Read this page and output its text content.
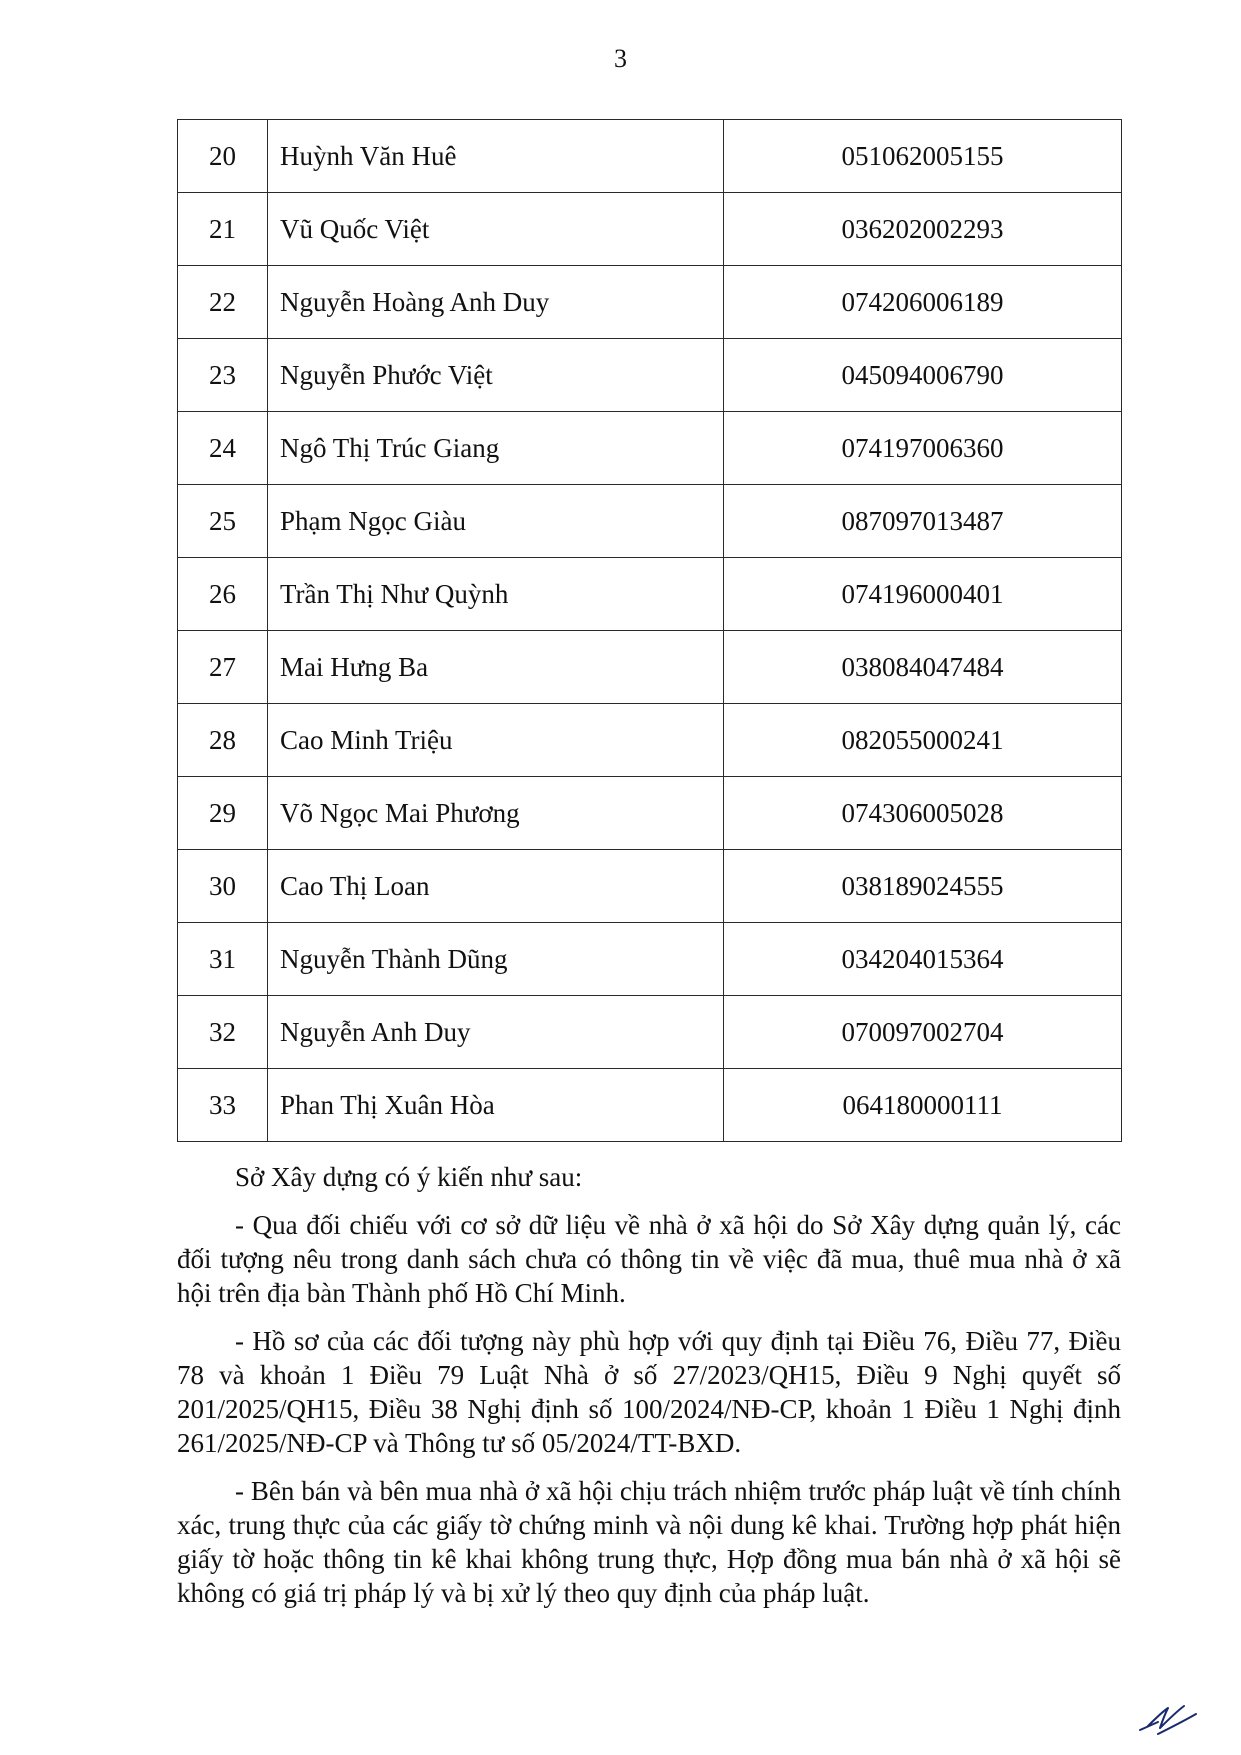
3
20	Huỳnh Văn Huê	051062005155
21	Vũ Quốc Việt	036202002293
22	Nguyễn Hoàng Anh Duy	074206006189
23	Nguyễn Phước Việt	045094006790
24	Ngô Thị Trúc Giang	074197006360
25	Phạm Ngọc Giàu	087097013487
26	Trần Thị Như Quỳnh	074196000401
27	Mai Hưng Ba	038084047484
28	Cao Minh Triệu	082055000241
29	Võ Ngọc Mai Phương	074306005028
30	Cao Thị Loan	038189024555
31	Nguyễn Thành Dũng	034204015364
32	Nguyễn Anh Duy	070097002704
33	Phan Thị Xuân Hòa	064180000111

Sở Xây dựng có ý kiến như sau:

- Qua đối chiếu với cơ sở dữ liệu về nhà ở xã hội do Sở Xây dựng quản lý, các đối tượng nêu trong danh sách chưa có thông tin về việc đã mua, thuê mua nhà ở xã hội trên địa bàn Thành phố Hồ Chí Minh.

- Hồ sơ của các đối tượng này phù hợp với quy định tại Điều 76, Điều 77, Điều 78 và khoản 1 Điều 79 Luật Nhà ở số 27/2023/QH15, Điều 9 Nghị quyết số 201/2025/QH15, Điều 38 Nghị định số 100/2024/NĐ-CP, khoản 1 Điều 1 Nghị định 261/2025/NĐ-CP và Thông tư số 05/2024/TT-BXD.

- Bên bán và bên mua nhà ở xã hội chịu trách nhiệm trước pháp luật về tính chính xác, trung thực của các giấy tờ chứng minh và nội dung kê khai. Trường hợp phát hiện giấy tờ hoặc thông tin kê khai không trung thực, Hợp đồng mua bán nhà ở xã hội sẽ không có giá trị pháp lý và bị xử lý theo quy định của pháp luật.
